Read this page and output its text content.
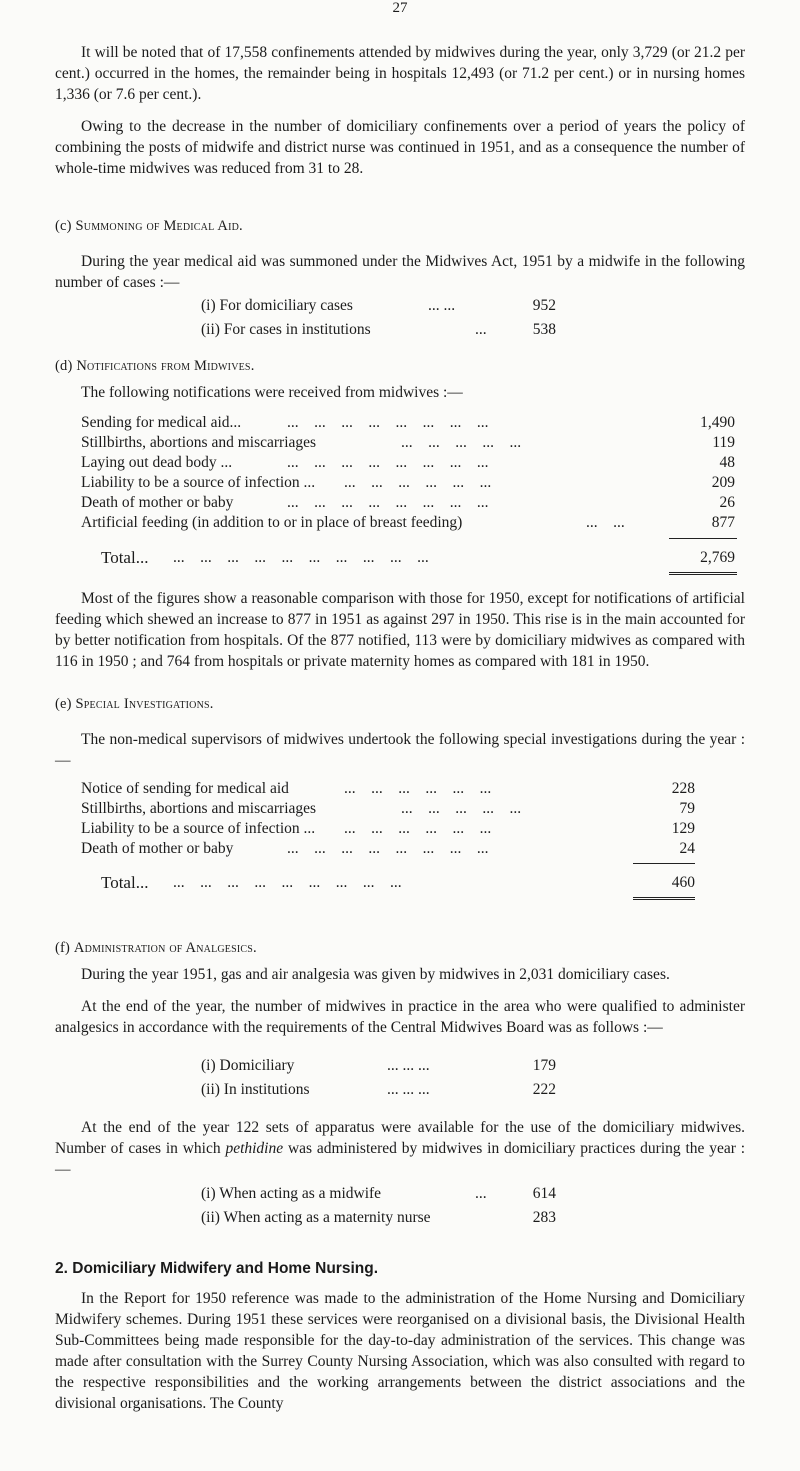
27

It will be noted that of 17,558 confinements attended by midwives during the year, only 3,729 (or 21.2 per cent.) occurred in the homes, the remainder being in hospitals 12,493 (or 71.2 per cent.) or in nursing homes 1,336 (or 7.6 per cent.).

Owing to the decrease in the number of domiciliary confinements over a period of years the policy of combining the posts of midwife and district nurse was continued in 1951, and as a consequence the number of whole-time midwives was reduced from 31 to 28.

(c) Summoning of Medical Aid.

During the year medical aid was summoned under the Midwives Act, 1951 by a midwife in the following number of cases :—

(i) For domiciliary cases	... ...	952
(ii) For cases in institutions	...	538
(d) Notifications from Midwives.

The following notifications were received from midwives :—

Sending for medical aid...	...    ...    ...    ...    ...    ...    ...    ...	1,490
Stillbirths, abortions and miscarriages	...    ...    ...    ...    ...	119
Laying out dead body ...	...    ...    ...    ...    ...    ...    ...    ...	48
Liability to be a source of infection ... ...    ...    ...    ...    ...    ...	209
Death of mother or baby	...    ...    ...    ...    ...    ...    ...    ...	26
Artificial feeding (in addition to or in place of breast feeding)	...    ...	877
Total... ...    ...    ...    ...    ...    ...    ...    ...    ...    ...	2,769

Most of the figures show a reasonable comparison with those for 1950, except for notifications of artificial feeding which shewed an increase to 877 in 1951 as against 297 in 1950. This rise is in the main accounted for by better notification from hospitals. Of the 877 notified, 113 were by domiciliary midwives as compared with 116 in 1950 ; and 764 from hospitals or private maternity homes as compared with 181 in 1950.

(e) Special Investigations.

The non-medical supervisors of midwives undertook the following special investigations during the year :—

Notice of sending for medical aid	...    ...    ...    ...    ...    ...	228
Stillbirths, abortions and miscarriages	...    ...    ...    ...    ...	79
Liability to be a source of infection ... ...    ...    ...    ...    ...    ...	129
Death of mother or baby	...    ...    ...    ...    ...    ...    ...    ...	24
Total... ...    ...    ...    ...    ...    ...    ...    ...    ...	460
(f) Administration of Analgesics.

During the year 1951, gas and air analgesia was given by midwives in 2,031 domiciliary cases.

At the end of the year, the number of midwives in practice in the area who were qualified to administer analgesics in accordance with the requirements of the Central Midwives Board was as follows :—

(i) Domiciliary	... ... ...	179
(ii) In institutions	... ... ...	222

At the end of the year 122 sets of apparatus were available for the use of the domiciliary midwives. Number of cases in which pethidine was administered by midwives in domiciliary practices during the year :—

(i) When acting as a midwife	...	614
(ii) When acting as a maternity nurse	283
2. Domiciliary Midwifery and Home Nursing.

In the Report for 1950 reference was made to the administration of the Home Nursing and Domiciliary Midwifery schemes. During 1951 these services were reorganised on a divisional basis, the Divisional Health Sub-Committees being made responsible for the day-to-day administration of the services. This change was made after consultation with the Surrey County Nursing Association, which was also consulted with regard to the respective responsibilities and the working arrangements between the district associations and the divisional organisations. The County
